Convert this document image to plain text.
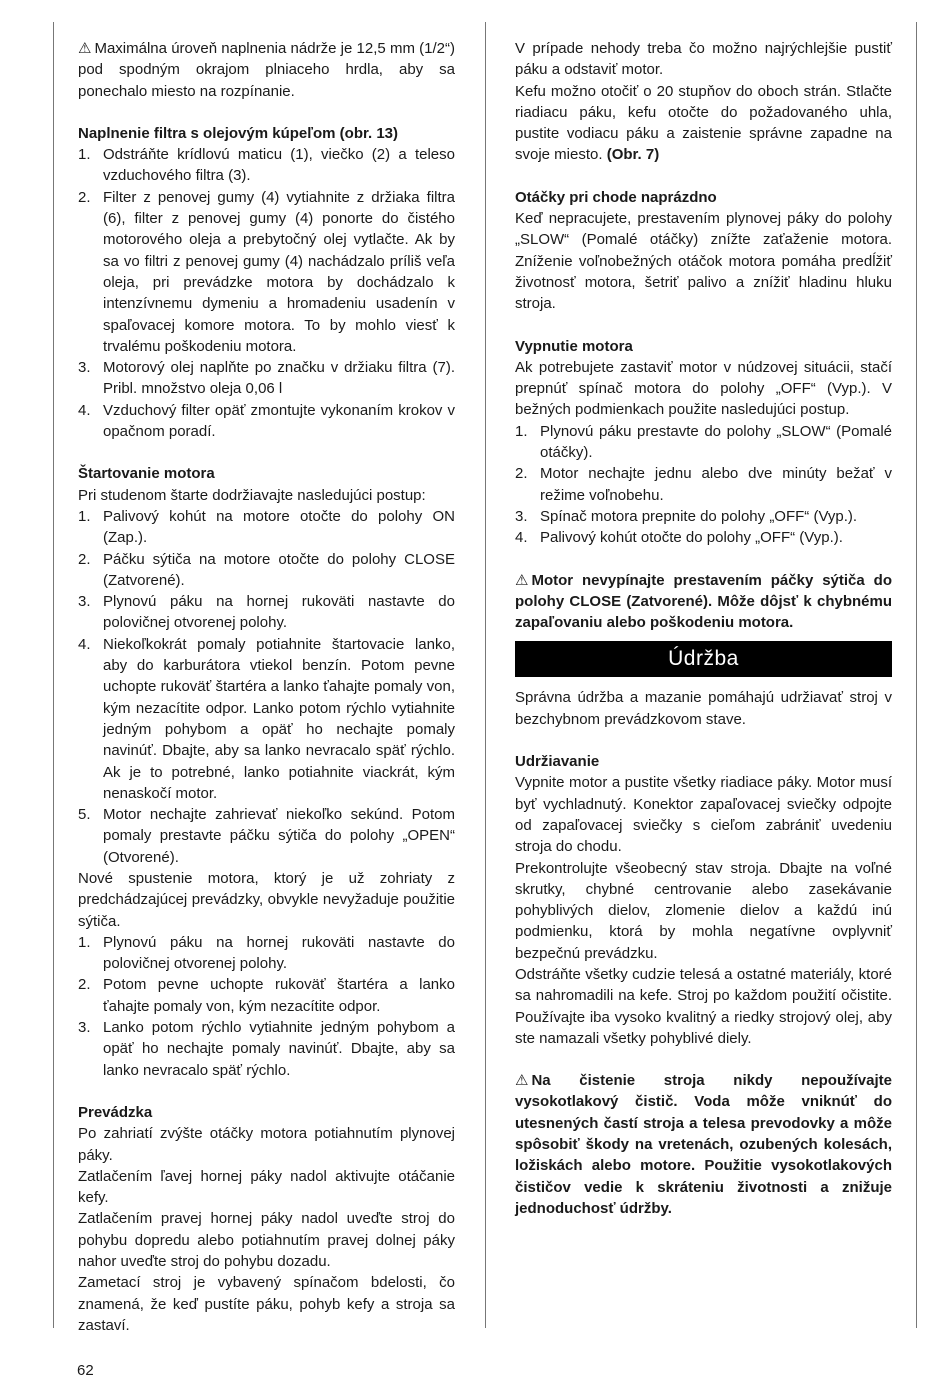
⚠ Maximálna úroveň naplnenia nádrže je 12,5 mm (1/2“) pod spodným okrajom plniaceho hrdla, aby sa ponechalo miesto na rozpínanie.

Naplnenie filtra s olejovým kúpeľom (obr. 13)

1. Odstráňte krídlovú maticu (1), viečko (2) a teleso vzduchového filtra (3).
2. Filter z penovej gumy (4) vytiahnite z držiaka filtra (6), filter z penovej gumy (4) ponorte do čistého motorového oleja a prebytočný olej vytlačte. Ak by sa vo filtri z penovej gumy (4) nachádzalo príliš veľa oleja, pri prevádzke motora by dochádzalo k intenzívnemu dymeniu a hromadeniu usadenín v spaľovacej komore motora. To by mohlo viesť k trvalému poškodeniu motora.
3. Motorový olej naplňte po značku v držiaku filtra (7). Pribl. množstvo oleja 0,06 l
4. Vzduchový filter opäť zmontujte vykonaním krokov v opačnom poradí.

Štartovanie motora

Pri studenom štarte dodržiavajte nasledujúci postup:

1. Palivový kohút na motore otočte do polohy ON (Zap.).
2. Páčku sýtiča na motore otočte do polohy CLOSE (Zatvorené).
3. Plynovú páku na hornej rukoväti nastavte do polovičnej otvorenej polohy.
4. Niekoľkokrát pomaly potiahnite štartovacie lanko, aby do karburátora vtiekol benzín. Potom pevne uchopte rukoväť štartéra a lanko ťahajte pomaly von, kým nezacítite odpor. Lanko potom rýchlo vytiahnite jedným pohybom a opäť ho nechajte pomaly navinúť. Dbajte, aby sa lanko nevracalo späť rýchlo. Ak je to potrebné, lanko potiahnite viackrát, kým nenaskočí motor.
5. Motor nechajte zahrievať niekoľko sekúnd. Potom pomaly prestavte páčku sýtiča do polohy „OPEN“ (Otvorené).

Nové spustenie motora, ktorý je už zohriaty z predchádzajúcej prevádzky, obvykle nevyžaduje použitie sýtiča.

1. Plynovú páku na hornej rukoväti nastavte do polovičnej otvorenej polohy.
2. Potom pevne uchopte rukoväť štartéra a lanko ťahajte pomaly von, kým nezacítite odpor.
3. Lanko potom rýchlo vytiahnite jedným pohybom a opäť ho nechajte pomaly navinúť. Dbajte, aby sa lanko nevracalo späť rýchlo.

Prevádzka

Po zahriatí zvýšte otáčky motora potiahnutím plynovej páky.

Zatlačením ľavej hornej páky nadol aktivujte otáčanie kefy.

Zatlačením pravej hornej páky nadol uveďte stroj do pohybu dopredu alebo potiahnutím pravej dolnej páky nahor uveďte stroj do pohybu dozadu.

Zametací stroj je vybavený spínačom bdelosti, čo znamená, že keď pustíte páku, pohyb kefy a stroja sa zastaví.

V prípade nehody treba čo možno najrýchlejšie pustiť páku a odstaviť motor.

Kefu možno otočiť o 20 stupňov do oboch strán. Stlačte riadiacu páku, kefu otočte do požadovaného uhla, pustite vodiacu páku a zaistenie správne zapadne na svoje miesto. (Obr. 7)

Otáčky pri chode naprázdno

Keď nepracujete, prestavením plynovej páky do polohy „SLOW“ (Pomalé otáčky) znížte zaťaženie motora. Zníženie voľnobežných otáčok motora pomáha predĺžiť životnosť motora, šetriť palivo a znížiť hladinu hluku stroja.

Vypnutie motora

Ak potrebujete zastaviť motor v núdzovej situácii, stačí prepnúť spínač motora do polohy „OFF“ (Vyp.). V bežných podmienkach použite nasledujúci postup.

1. Plynovú páku prestavte do polohy „SLOW“ (Pomalé otáčky).
2. Motor nechajte jednu alebo dve minúty bežať v režime voľnobehu.
3. Spínač motora prepnite do polohy „OFF“ (Vyp.).
4. Palivový kohút otočte do polohy „OFF“ (Vyp.).

⚠ Motor nevypínajte prestavením páčky sýtiča do polohy CLOSE (Zatvorené). Môže dôjsť k chybnému zapaľovaniu alebo poškodeniu motora.

Údržba

Správna údržba a mazanie pomáhajú udržiavať stroj v bezchybnom prevádzkovom stave.

Udržiavanie

Vypnite motor a pustite všetky riadiace páky. Motor musí byť vychladnutý. Konektor zapaľovacej sviečky odpojte od zapaľovacej sviečky s cieľom zabrániť uvedeniu stroja do chodu.

Prekontrolujte všeobecný stav stroja. Dbajte na voľné skrutky, chybné centrovanie alebo zasekávanie pohyblivých dielov, zlomenie dielov a každú inú podmienku, ktorá by mohla negatívne ovplyvniť bezpečnú prevádzku.

Odstráňte všetky cudzie telesá a ostatné materiály, ktoré sa nahromadili na kefe. Stroj po každom použití očistite. Používajte iba vysoko kvalitný a riedky strojový olej, aby ste namazali všetky pohyblivé diely.

⚠ Na čistenie stroja nikdy nepoužívajte vysokotlakový čistič. Voda môže vniknúť do utesnených častí stroja a telesa prevodovky a môže spôsobiť škody na vretenách, ozubených kolesách, ložiskách alebo motore. Použitie vysokotlakových čističov vedie k skráteniu životnosti a znižuje jednoduchosť údržby.

62
